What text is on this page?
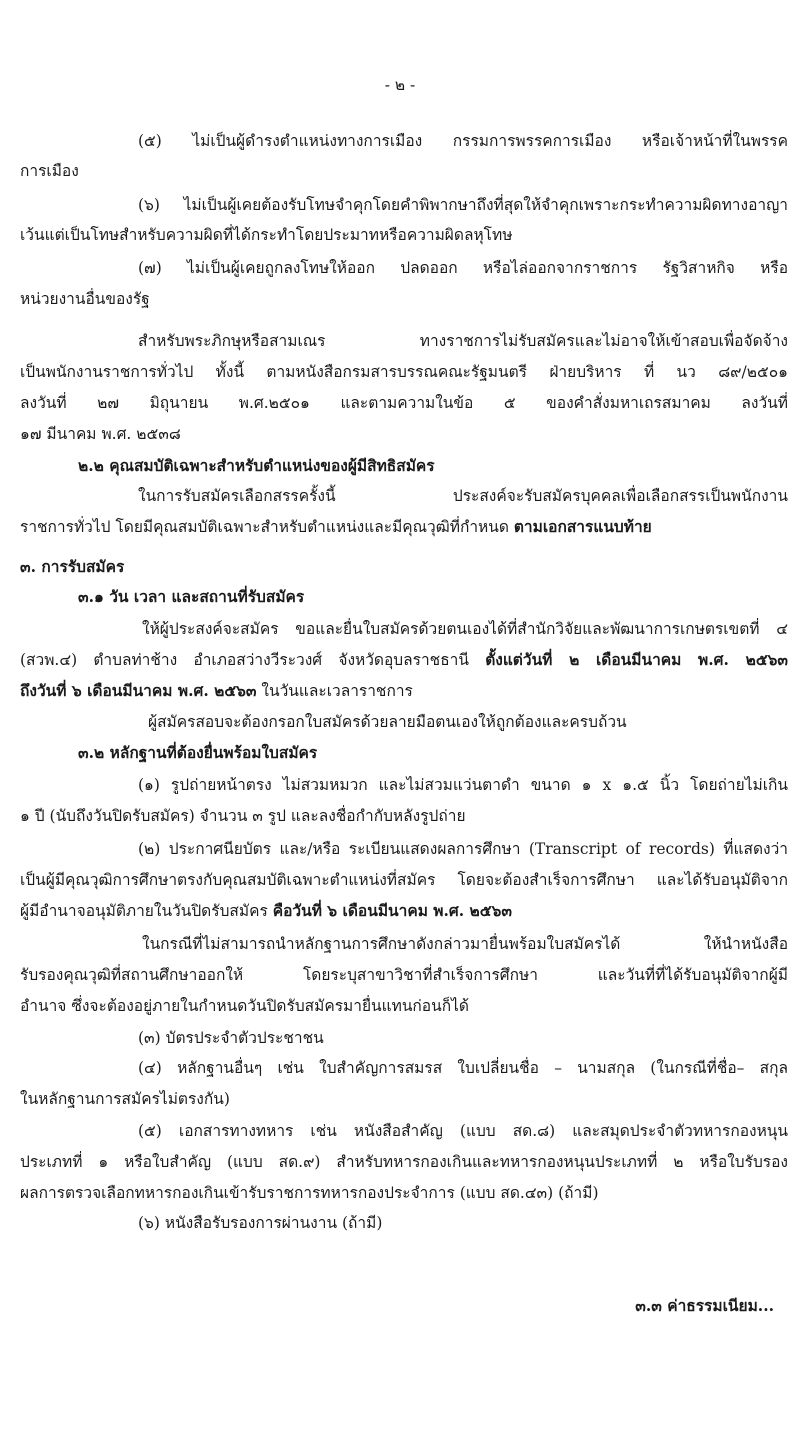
- ๒ -
(๕) ไม่เป็นผู้ดำรงตำแหน่งทางการเมือง กรรมการพรรคการเมือง หรือเจ้าหน้าที่ในพรรค
การเมือง
(๖) ไม่เป็นผู้เคยต้องรับโทษจำคุกโดยคำพิพากษาถึงที่สุดให้จำคุกเพราะกระทำความผิดทางอาญา
เว้นแต่เป็นโทษสำหรับความผิดที่ได้กระทำโดยประมาทหรือความผิดลหุโทษ
(๗) ไม่เป็นผู้เคยถูกลงโทษให้ออก ปลดออก หรือไล่ออกจากราชการ รัฐวิสาหกิจ หรือ
หน่วยงานอื่นของรัฐ
สำหรับพระภิกษุหรือสามเณร ทางราชการไม่รับสมัครและไม่อาจให้เข้าสอบเพื่อจัดจ้าง
เป็นพนักงานราชการทั่วไป ทั้งนี้ ตามหนังสือกรมสารบรรณคณะรัฐมนตรี ฝ่ายบริหาร ที่ นว ๘๙/๒๕๐๑
ลงวันที่ ๒๗ มิถุนายน พ.ศ.๒๕๐๑ และตามความในข้อ ๕ ของคำสั่งมหาเถรสมาคม ลงวันที่
๑๗ มีนาคม พ.ศ. ๒๕๓๘
๒.๒ คุณสมบัติเฉพาะสำหรับตำแหน่งของผู้มีสิทธิสมัคร
ในการรับสมัครเลือกสรรครั้งนี้ ประสงค์จะรับสมัครบุคคลเพื่อเลือกสรรเป็นพนักงาน
ราชการทั่วไป โดยมีคุณสมบัติเฉพาะสำหรับตำแหน่งและมีคุณวุฒิที่กำหนด ตามเอกสารแนบท้าย
๓. การรับสมัคร
๓.๑ วัน เวลา และสถานที่รับสมัคร
ให้ผู้ประสงค์จะสมัคร ขอและยื่นใบสมัครด้วยตนเองได้ที่สำนักวิจัยและพัฒนาการเกษตรเขตที่ ๔
(สวพ.๔) ตำบลท่าช้าง อำเภอสว่างวีระวงศ์ จังหวัดอุบลราชธานี ตั้งแต่วันที่ ๒ เดือนมีนาคม พ.ศ. ๒๕๖๓
ถึงวันที่ ๖ เดือนมีนาคม พ.ศ. ๒๕๖๓ ในวันและเวลาราชการ
ผู้สมัครสอบจะต้องกรอกใบสมัครด้วยลายมือตนเองให้ถูกต้องและครบถ้วน
๓.๒ หลักฐานที่ต้องยื่นพร้อมใบสมัคร
(๑) รูปถ่ายหน้าตรง ไม่สวมหมวก และไม่สวมแว่นตาดำ ขนาด ๑ x ๑.๕ นิ้ว โดยถ่ายไม่เกิน
๑ ปี (นับถึงวันปิดรับสมัคร) จำนวน ๓ รูป และลงชื่อกำกับหลังรูปถ่าย
(๒) ประกาศนียบัตร และ/หรือ ระเบียนแสดงผลการศึกษา (Transcript of records) ที่แสดงว่า
เป็นผู้มีคุณวุฒิการศึกษาตรงกับคุณสมบัติเฉพาะตำแหน่งที่สมัคร โดยจะต้องสำเร็จการศึกษา และได้รับอนุมัติจาก
ผู้มีอำนาจอนุมัติภายในวันปิดรับสมัคร คือวันที่ ๖ เดือนมีนาคม พ.ศ. ๒๕๖๓
ในกรณีที่ไม่สามารถนำหลักฐานการศึกษาดังกล่าวมายื่นพร้อมใบสมัครได้ ให้นำหนังสือ
รับรองคุณวุฒิที่สถานศึกษาออกให้ โดยระบุสาขาวิชาที่สำเร็จการศึกษา และวันที่ที่ได้รับอนุมัติจากผู้มี
อำนาจ ซึ่งจะต้องอยู่ภายในกำหนดวันปิดรับสมัครมายื่นแทนก่อนก็ได้
(๓) บัตรประจำตัวประชาชน
(๔) หลักฐานอื่นๆ เช่น ใบสำคัญการสมรส ใบเปลี่ยนชื่อ – นามสกุล (ในกรณีที่ชื่อ– สกุล
ในหลักฐานการสมัครไม่ตรงกัน)
(๕) เอกสารทางทหาร เช่น หนังสือสำคัญ (แบบ สด.๘) และสมุดประจำตัวทหารกองหนุน
ประเภทที่ ๑ หรือใบสำคัญ (แบบ สด.๙) สำหรับทหารกองเกินและทหารกองหนุนประเภทที่ ๒ หรือใบรับรอง
ผลการตรวจเลือกทหารกองเกินเข้ารับราชการทหารกองประจำการ (แบบ สด.๔๓) (ถ้ามี)
(๖) หนังสือรับรองการผ่านงาน (ถ้ามี)
๓.๓ ค่าธรรมเนียม...
